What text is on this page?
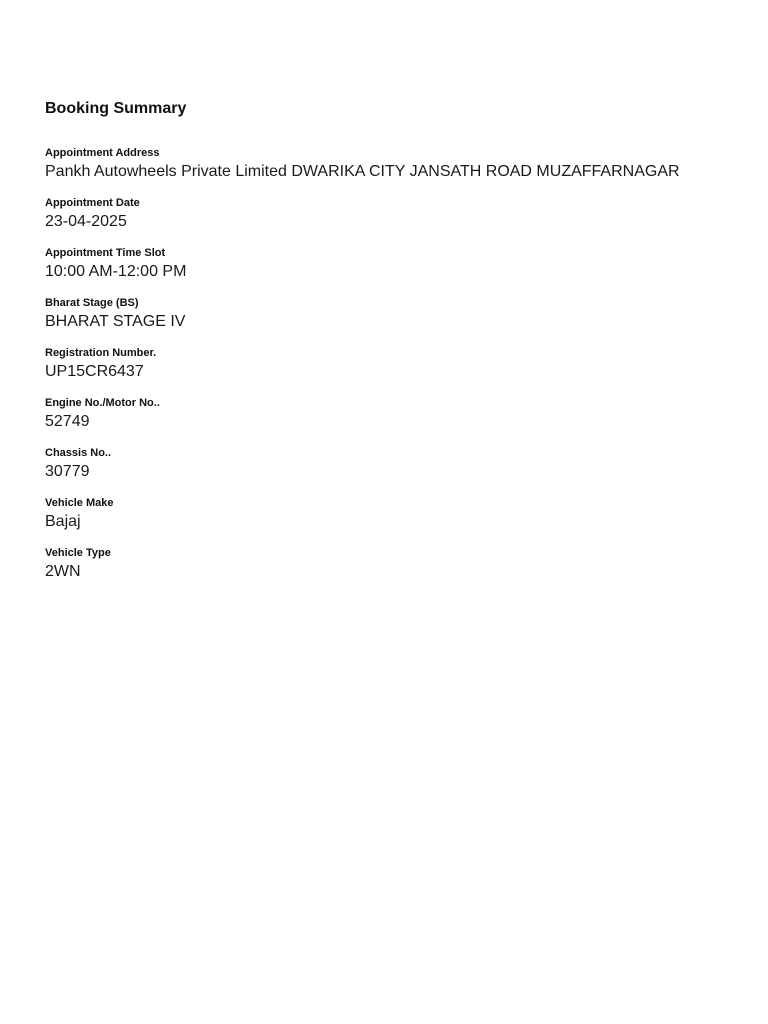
Booking Summary
Appointment Address
Pankh Autowheels Private Limited DWARIKA CITY JANSATH ROAD MUZAFFARNAGAR
Appointment Date
23-04-2025
Appointment Time Slot
10:00 AM-12:00 PM
Bharat Stage (BS)
BHARAT STAGE IV
Registration Number.
UP15CR6437
Engine No./Motor No..
52749
Chassis No..
30779
Vehicle Make
Bajaj
Vehicle Type
2WN
